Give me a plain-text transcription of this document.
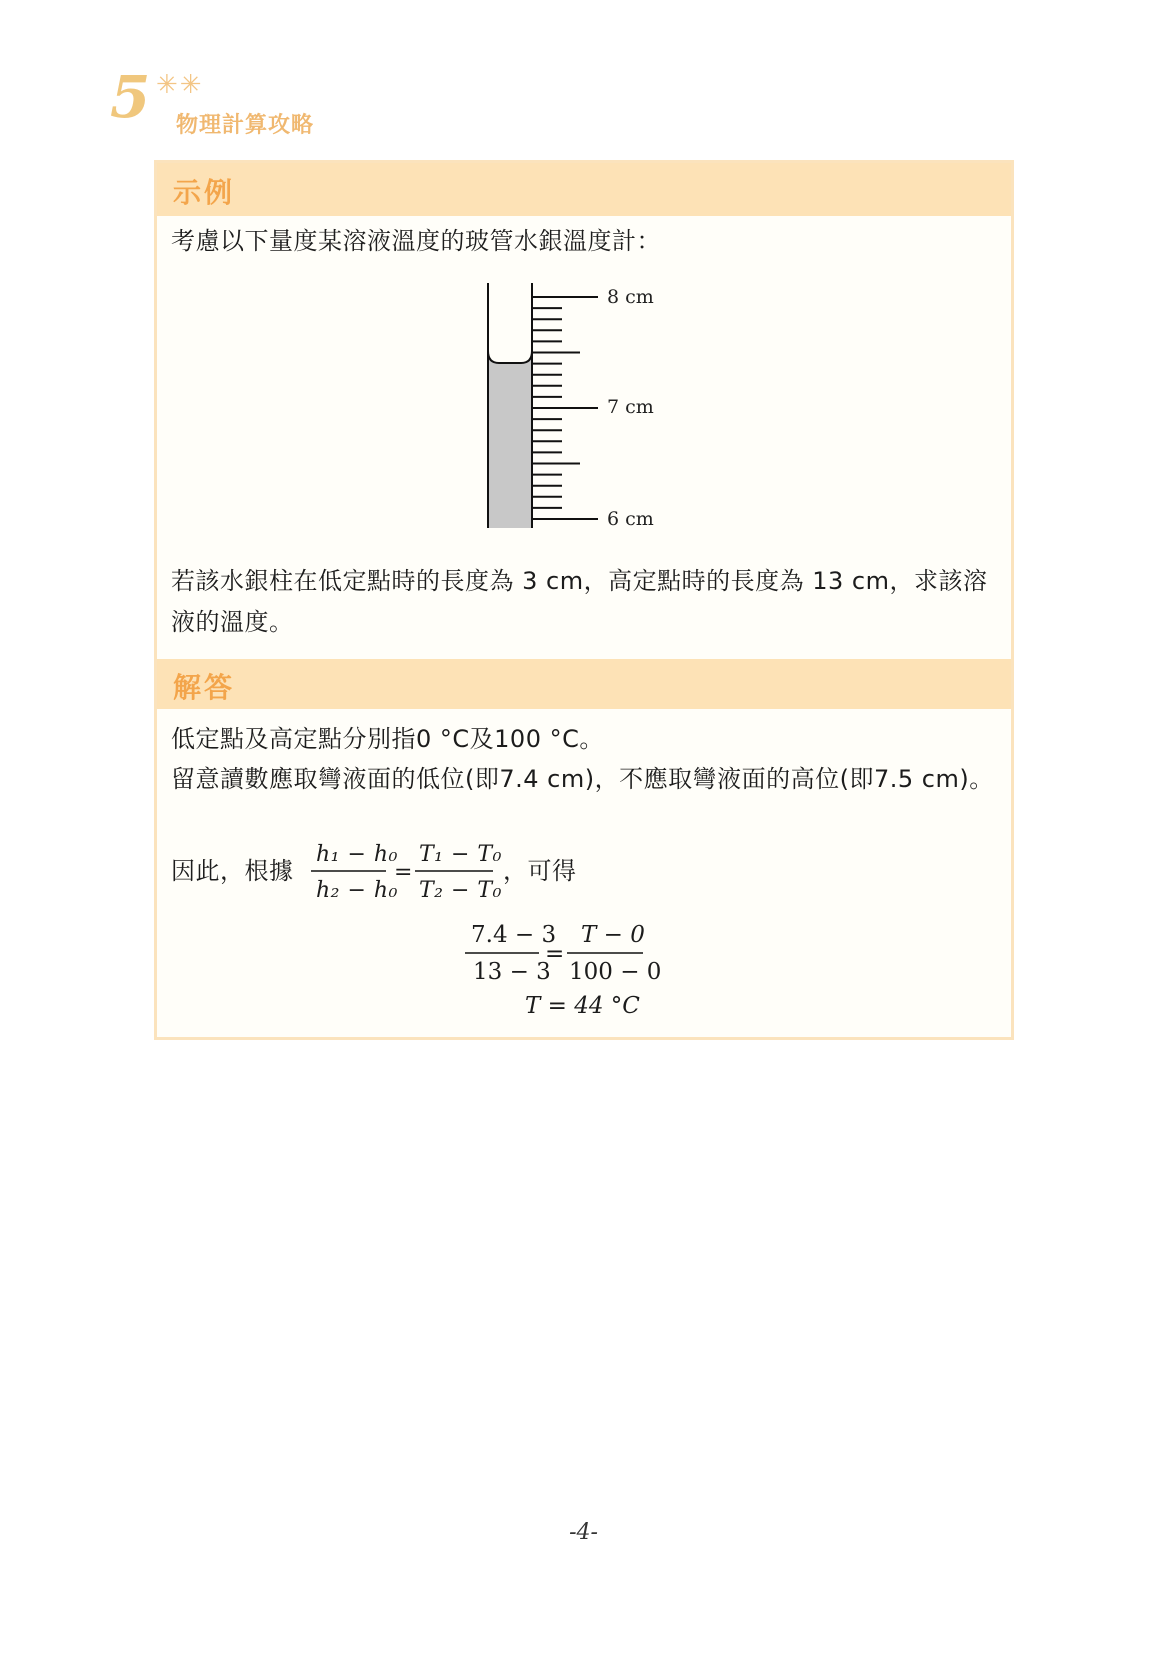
5 ✳✳
物理計算攻略
示例
考慮以下量度某溶液溫度的玻管水銀溫度計：
8 cm
7 cm
6 cm
若該水銀柱在低定點時的長度為 3 cm，高定點時的長度為 13 cm，求該溶液的溫度。
解答
低定點及高定點分別指0 °C及100 °C。
留意讀數應取彎液面的低位(即7.4 cm)，不應取彎液面的高位(即7.5 cm)。
因此，根據
h₁ − h₀
h₂ − h₀
=
T₁ − T₀
T₂ − T₀
，可得
7.4 − 3
13 − 3
=
T − 0
100 − 0
T = 44 °C
-4-
